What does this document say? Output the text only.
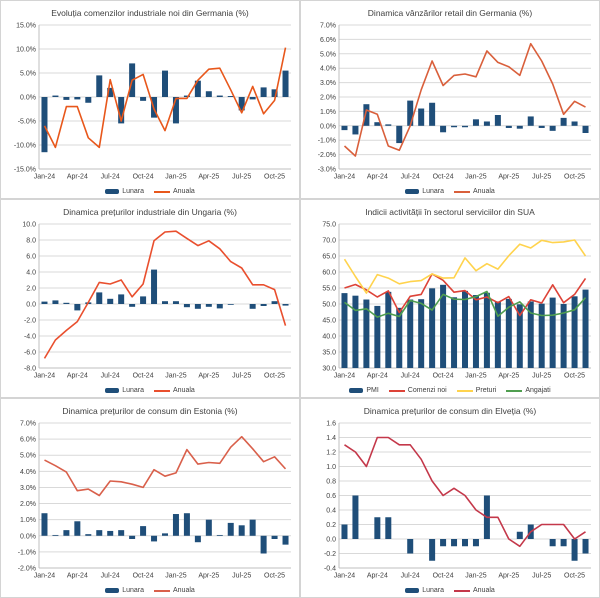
Evoluția comenzilor industriale noi din Germania (%)
-15.0%
-10.0%
-5.0%
0.0%
5.0%
10.0%
15.0%
Jan-24 Apr-24 Jul-24 Oct-24 Jan-25 Apr-25 Jul-25 Oct-25
Lunara	Anuala
Dinamica vânzărilor retail din Germania (%)
-3.0%
-2.0%
-1.0%
0.0%
1.0%
2.0%
3.0%
4.0%
5.0%
6.0%
7.0%
Jan-24 Apr-24 Jul-24 Oct-24 Jan-25 Apr-25 Jul-25 Oct-25
Lunara	Anuala
Dinamica prețurilor industriale din Ungaria (%)
-8.0
-6.0
-4.0
-2.0
0.0
2.0
4.0
6.0
8.0
10.0
Jan-24 Apr-24 Jul-24 Oct-24 Jan-25 Apr-25 Jul-25 Oct-25
Lunara	Anuala
Indicii activității în sectorul serviciilor din SUA
30.0
35.0
40.0
45.0
50.0
55.0
60.0
65.0
70.0
75.0
Jan-24 Apr-24 Jul-24 Oct-24 Jan-25 Apr-25 Jul-25 Oct-25
PMI	Comenzi noi	Preturi	Angajati
Dinamica prețurilor de consum din Estonia (%)
-2.0%
-1.0%
0.0%
1.0%
2.0%
3.0%
4.0%
5.0%
6.0%
7.0%
Jan-24 Apr-24 Jul-24 Oct-24 Jan-25 Apr-25 Jul-25 Oct-25
Lunara	Anuala
Dinamica prețurilor de consum din Elveția (%)
-0.4
-0.2
0.0
0.2
0.4
0.6
0.8
1.0
1.2
1.4
1.6
Jan-24 Apr-24 Jul-24 Oct-24 Jan-25 Apr-25 Jul-25 Oct-25
Lunara	Anuala
